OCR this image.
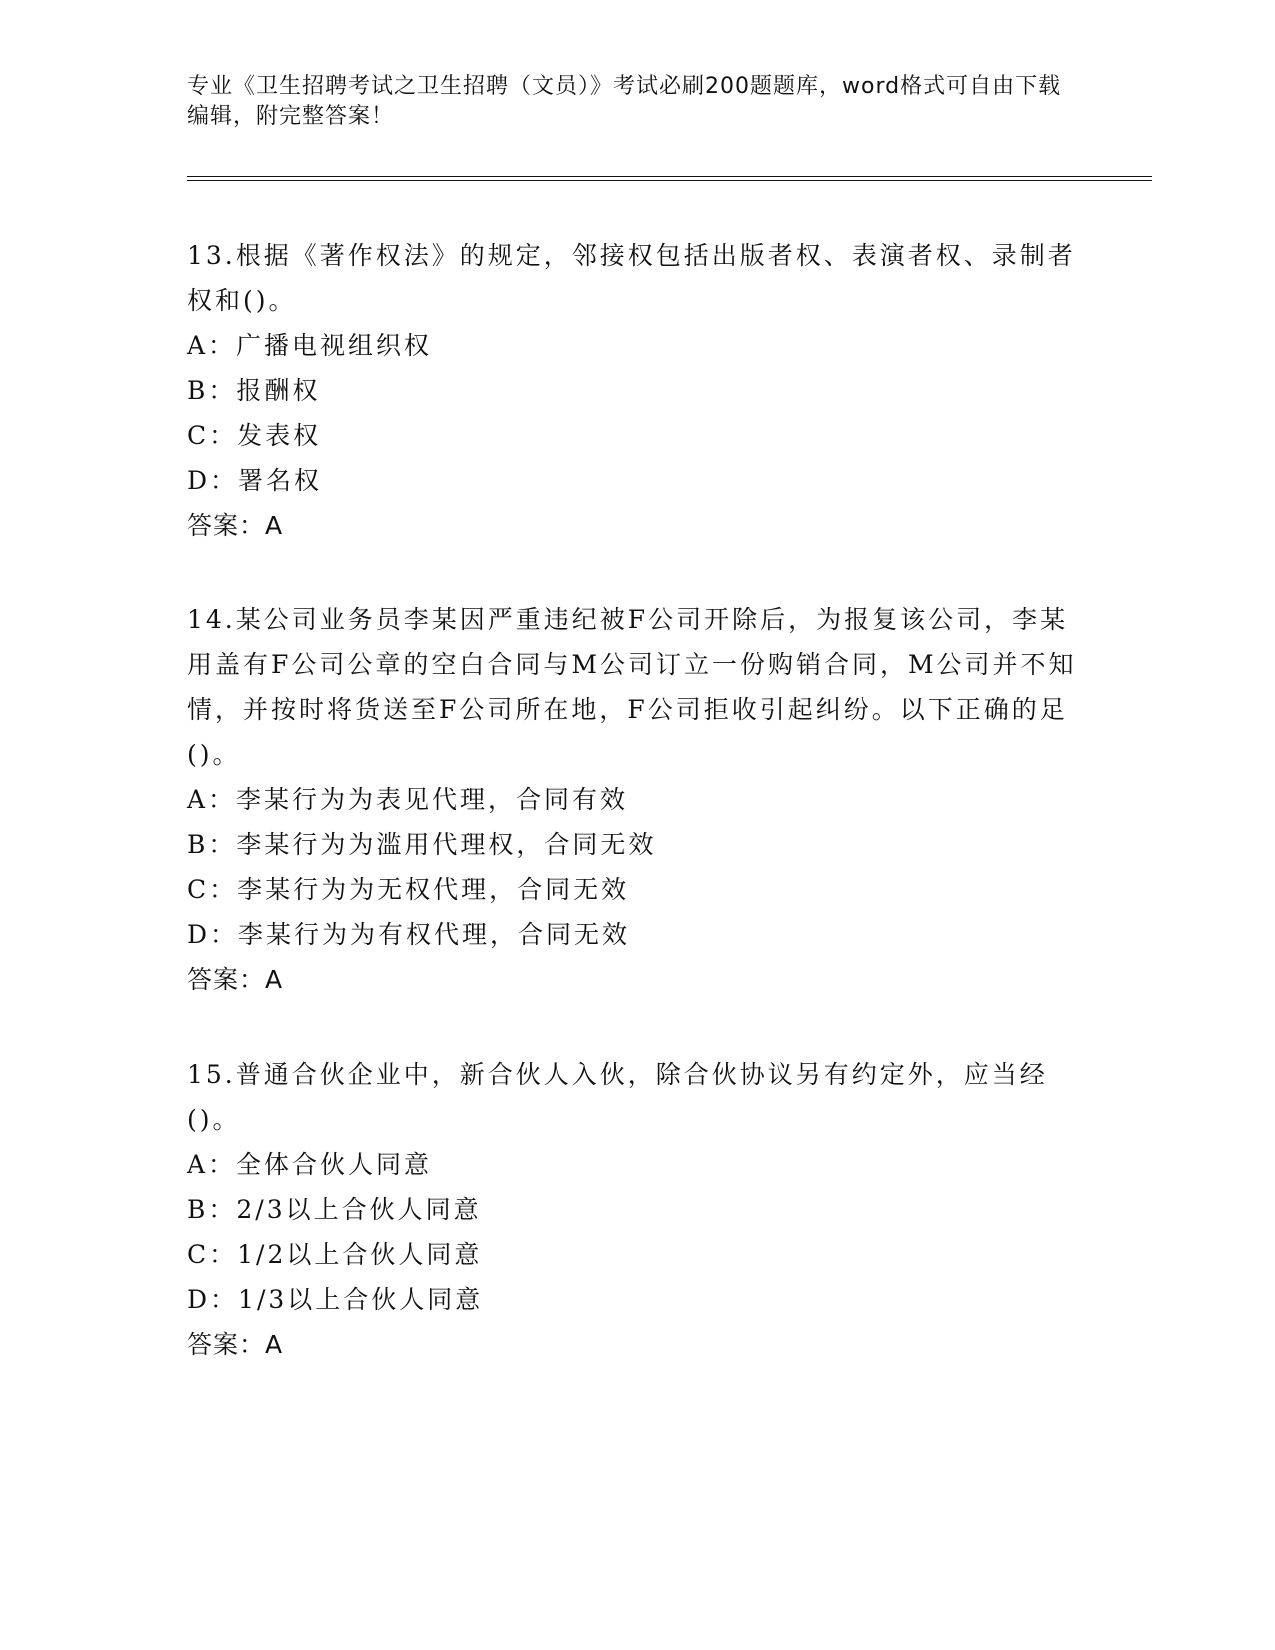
专业《卫生招聘考试之卫生招聘（文员）》考试必刷200题题库，word格式可自由下载编辑，附完整答案！

13.根据《著作权法》的规定，邻接权包括出版者权、表演者权、录制者权和()。

A：广播电视组织权

B：报酬权

C：发表权

D：署名权

答案：A

14.某公司业务员李某因严重违纪被F公司开除后，为报复该公司，李某用盖有F公司公章的空白合同与M公司订立一份购销合同，M公司并不知情，并按时将货送至F公司所在地，F公司拒收引起纠纷。以下正确的足()。

A：李某行为为表见代理，合同有效

B：李某行为为滥用代理权，合同无效

C：李某行为为无权代理，合同无效

D：李某行为为有权代理，合同无效

答案：A

15.普通合伙企业中，新合伙人入伙，除合伙协议另有约定外，应当经()。

A：全体合伙人同意

B：2/3以上合伙人同意

C：1/2以上合伙人同意

D：1/3以上合伙人同意

答案：A
